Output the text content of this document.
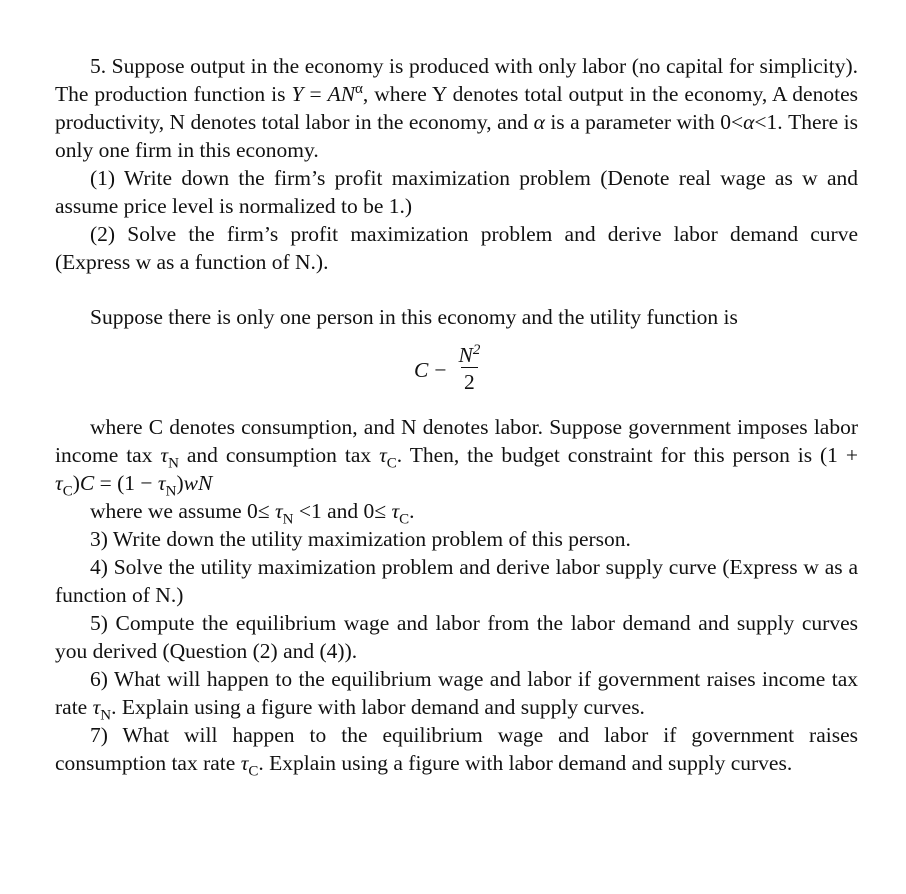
5. Suppose output in the economy is produced with only labor (no capital for simplicity). The production function is $Y = AN^\alpha$, where Y denotes total output in the economy, A denotes productivity, N denotes total labor in the economy, and α is a parameter with 0<α<1. There is only one firm in this economy.

(1) Write down the firm’s profit maximization problem (Denote real wage as w and assume price level is normalized to be 1.)

(2) Solve the firm’s profit maximization problem and derive labor demand curve (Express w as a function of N.).

Suppose there is only one person in this economy and the utility function is

$C - \frac{N^2}{2}$

where C denotes consumption, and N denotes labor. Suppose government imposes labor income tax $\tau_N$ and consumption tax $\tau_C$. Then, the budget constraint for this person is $(1 + \tau_C)C = (1 - \tau_N)wN$

where we assume $0\le \tau_N <1$ and $0\le \tau_C$.

3) Write down the utility maximization problem of this person.

4) Solve the utility maximization problem and derive labor supply curve (Express w as a function of N.)

5) Compute the equilibrium wage and labor from the labor demand and supply curves you derived (Question (2) and (4)).

6) What will happen to the equilibrium wage and labor if government raises income tax rate $\tau_N$. Explain using a figure with labor demand and supply curves.

7) What will happen to the equilibrium wage and labor if government raises consumption tax rate $\tau_C$. Explain using a figure with labor demand and supply curves.
